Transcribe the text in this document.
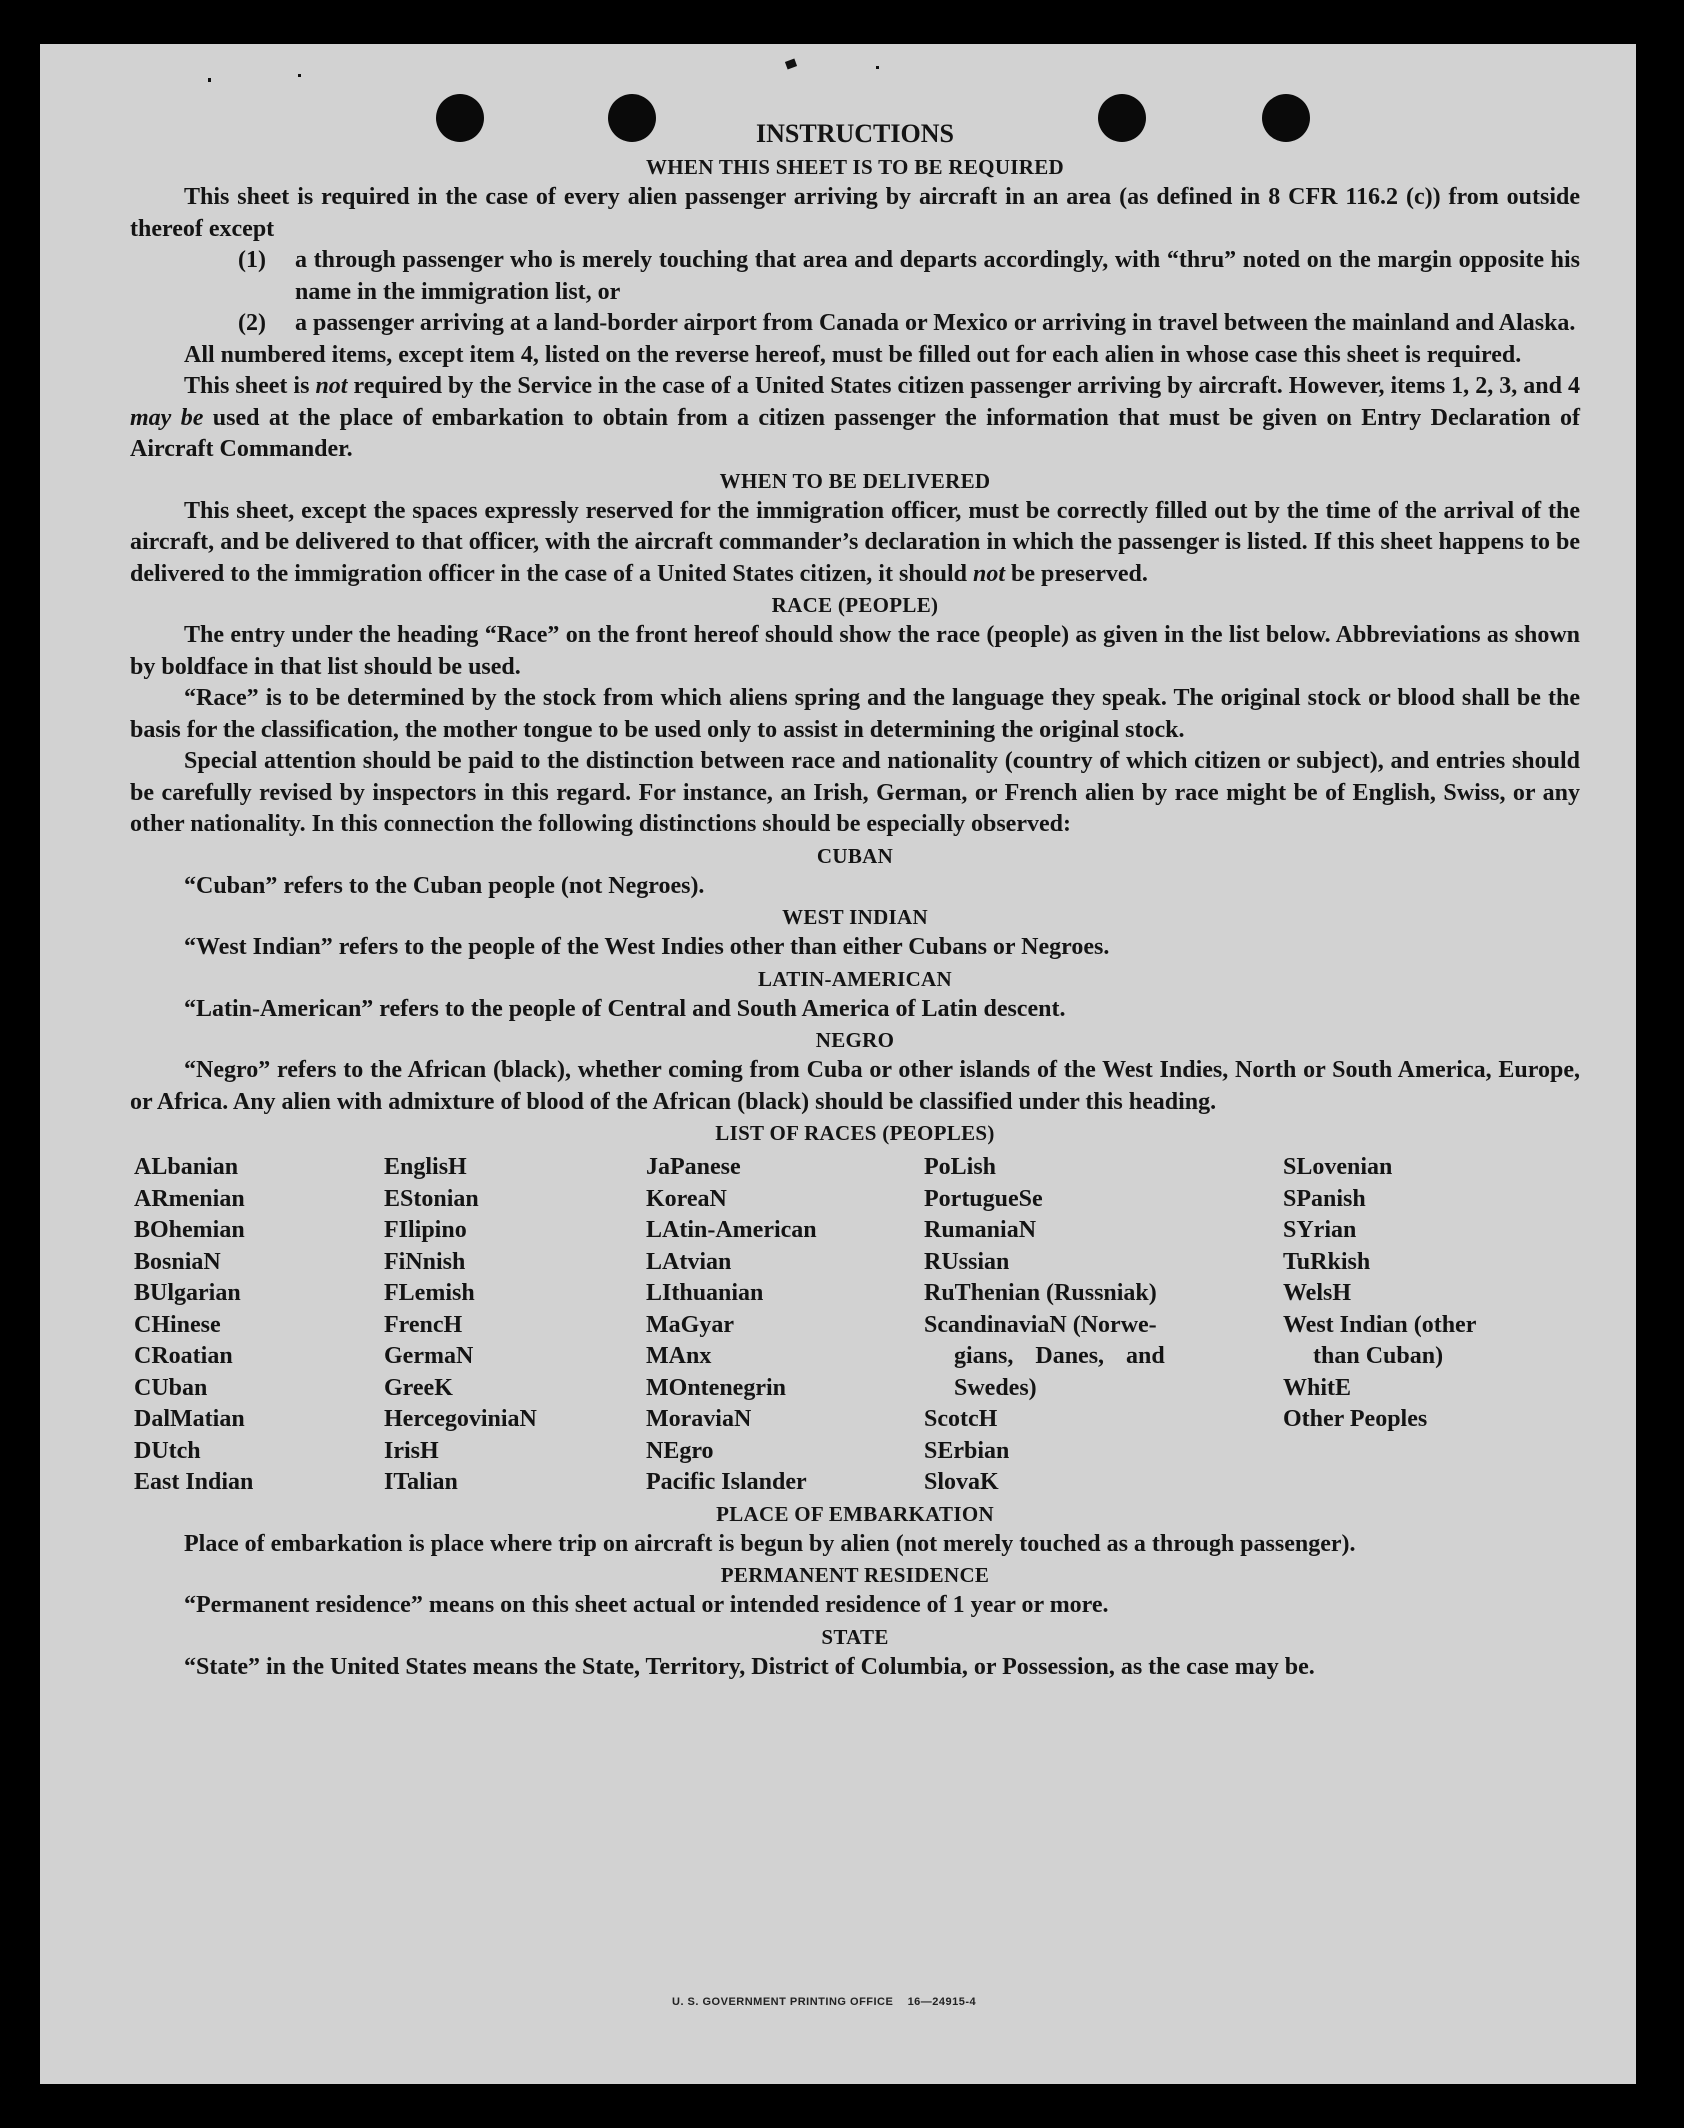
INSTRUCTIONS

WHEN THIS SHEET IS TO BE REQUIRED

This sheet is required in the case of every alien passenger arriving by aircraft in an area (as defined in 8 CFR 116.2 (c)) from outside thereof except

(1)	a through passenger who is merely touching that area and departs accordingly, with “thru” noted on the margin opposite his name in the immigration list, or
(2)	a passenger arriving at a land-border airport from Canada or Mexico or arriving in travel between the mainland and Alaska.

All numbered items, except item 4, listed on the reverse hereof, must be filled out for each alien in whose case this sheet is required.

This sheet is not required by the Service in the case of a United States citizen passenger arriving by aircraft. However, items 1, 2, 3, and 4 may be used at the place of embarkation to obtain from a citizen passenger the information that must be given on Entry Declaration of Aircraft Commander.

WHEN TO BE DELIVERED

This sheet, except the spaces expressly reserved for the immigration officer, must be correctly filled out by the time of the arrival of the aircraft, and be delivered to that officer, with the aircraft commander’s declaration in which the passenger is listed. If this sheet happens to be delivered to the immigration officer in the case of a United States citizen, it should not be preserved.

RACE (PEOPLE)

The entry under the heading “Race” on the front hereof should show the race (people) as given in the list below. Abbreviations as shown by boldface in that list should be used.

“Race” is to be determined by the stock from which aliens spring and the language they speak. The original stock or blood shall be the basis for the classification, the mother tongue to be used only to assist in determining the original stock.

Special attention should be paid to the distinction between race and nationality (country of which citizen or subject), and entries should be carefully revised by inspectors in this regard. For instance, an Irish, German, or French alien by race might be of English, Swiss, or any other nationality. In this connection the following distinctions should be especially observed:

CUBAN

“Cuban” refers to the Cuban people (not Negroes).

WEST INDIAN

“West Indian” refers to the people of the West Indies other than either Cubans or Negroes.

LATIN-AMERICAN

“Latin-American” refers to the people of Central and South America of Latin descent.

NEGRO

“Negro” refers to the African (black), whether coming from Cuba or other islands of the West Indies, North or South America, Europe, or Africa. Any alien with admixture of blood of the African (black) should be classified under this heading.

LIST OF RACES (PEOPLES)

ALbanian
ARmenian
BOhemian
BosniaN
BUlgarian
CHinese
CRoatian
CUban
DalMatian
DUtch
East Indian
EnglisH
EStonian
FIlipino
FiNnish
FLemish
FrencH
GermaN
GreeK
HercegoviniaN
IrisH
ITalian
JaPanese
KoreaN
LAtin-American
LAtvian
LIthuanian
MaGyar
MAnx
MOntenegrin
MoraviaN
NEgro
Pacific Islander
PoLish
PortugueSe
RumaniaN
RUssian
RuThenian (Russniak)
ScandinaviaN (Norwe-
gians, Danes, and
Swedes)
ScotcH
SErbian
SlovaK
SLovenian
SPanish
SYrian
TuRkish
WelsH
West Indian (other
than Cuban)
WhitE
Other Peoples

PLACE OF EMBARKATION

Place of embarkation is place where trip on aircraft is begun by alien (not merely touched as a through passenger).

PERMANENT RESIDENCE

“Permanent residence” means on this sheet actual or intended residence of 1 year or more.

STATE

“State” in the United States means the State, Territory, District of Columbia, or Possession, as the case may be.

U. S. GOVERNMENT PRINTING OFFICE    16—24915-4
